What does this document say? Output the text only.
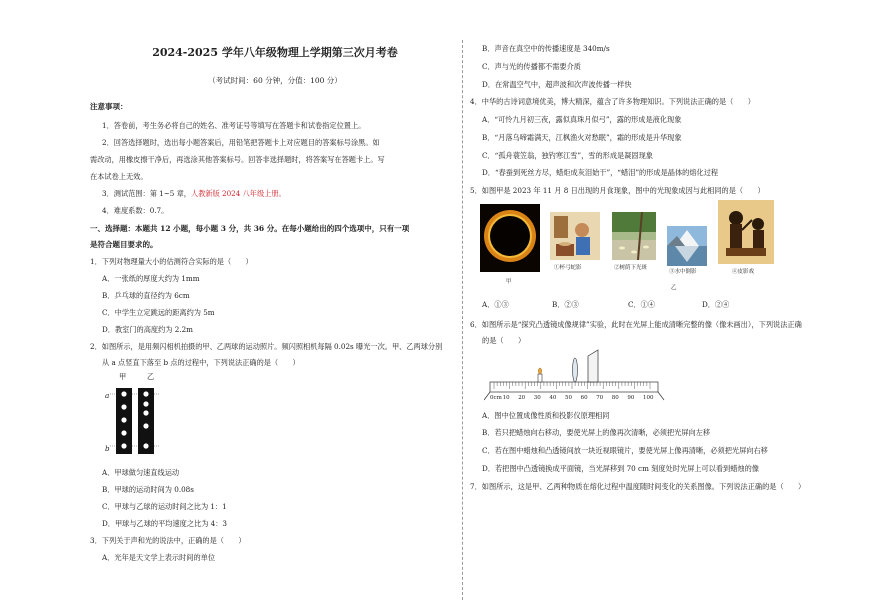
2024-2025 学年八年级物理上学期第三次月考卷
（考试时间：60 分钟，分值：100 分）
注意事项：
1．答卷前，考生务必将自己的姓名、准考证号等填写在答题卡和试卷指定位置上。
2．回答选择题时，选出每小题答案后，用铅笔把答题卡上对应题目的答案标号涂黑。如
需改动，用橡皮擦干净后，再选涂其他答案标号。回答非选择题时，将答案写在答题卡上。写
在本试卷上无效。
3．测试范围：第 1~5 章，人教新版 2024 八年级上册。
4．难度系数：0.7。
一、选择题：本题共 12 小题，每小题 3 分，共 36 分。在每小题给出的四个选项中，只有一项
是符合题目要求的。
1．下列对物理量大小的估测符合实际的是（　　）
A．一张纸的厚度大约为 1mm
B．乒乓球的直径约为 6cm
C．中学生立定跳远的距离约为 5m
D．教室门的高度约为 2.2m
2．如图所示，是用频闪相机拍摄的甲、乙两球的运动照片。频闪照相机每隔 0.02s 曝光一次。甲、乙两球分别
从 a 点竖直下落至 b 点的过程中，下列说法正确的是（　　）
甲	乙
a
b
A．甲球做匀速直线运动
B．甲球的运动时间为 0.08s
C．甲球与乙球的运动时间之比为 1：1
D．甲球与乙球的平均速度之比为 4：3
3．下列关于声和光的说法中，正确的是（　　）
A．光年是天文学上表示时间的单位
B．声音在真空中的传播速度是 340m/s
C．声与光的传播都不需要介质
D．在常温空气中，超声波和次声波传播一样快
4．中华的古诗词意境优美，博大精深，蕴含了许多物理知识。下列说法正确的是（　　）
A．“可怜九月初三夜，露似真珠月似弓”，露的形成是液化现象
B．“月落乌啼霜满天，江枫渔火对愁眠”，霜的形成是升华现象
C．“孤舟蓑笠翁，独钓寒江雪”，雪的形成是凝固现象
D．“春蚕到死丝方尽，蜡炬成灰泪始干”，“蜡泪”的形成是晶体的熔化过程
5．如图甲是 2023 年 11 月 8 日出现的月食现象，图中的光现象成因与此相同的是（　　）
甲
①杯弓蛇影	②树荫下光斑
③水中倒影
乙
④皮影戏
A．①③	B．②③	C．①④	D．②④
6．如图所示是“探究凸透镜成像规律”实验，此时在光屏上能成清晰完整的像（像未画出），下列说法正确
的是（　　）
0cm 10 20 30 40 50 60 70 80 90 100
A．图中位置成像性质和投影仪原理相同
B．若只把蜡烛向右移动，要使光屏上的像再次清晰，必须把光屏向左移
C．若在图中蜡烛和凸透镜间放一块近视眼镜片，要使光屏上像再清晰，必须把光屏向右移
D．若把图中凸透镜换成平面镜，当光屏移到 70 cm 刻度处时光屏上可以看到蜡烛的像
7．如图所示，这是甲、乙两种物质在熔化过程中温度随时间变化的关系图像。下列说法正确的是（　　）
